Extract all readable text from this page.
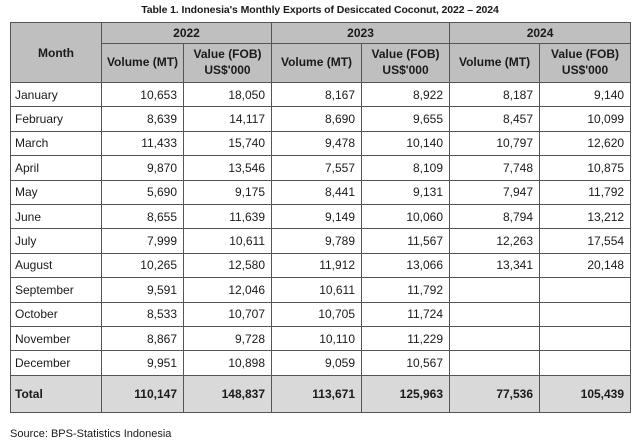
Table 1. Indonesia's Monthly Exports of Desiccated Coconut, 2022 – 2024
Month	2022		2023		2024	
	Volume (MT)	Value (FOB) US$'000	Volume (MT)	Value (FOB) US$'000	Volume (MT)	Value (FOB) US$'000
January	10,653	18,050	8,167	8,922	8,187	9,140
February	8,639	14,117	8,690	9,655	8,457	10,099
March	11,433	15,740	9,478	10,140	10,797	12,620
April	9,870	13,546	7,557	8,109	7,748	10,875
May	5,690	9,175	8,441	9,131	7,947	11,792
June	8,655	11,639	9,149	10,060	8,794	13,212
July	7,999	10,611	9,789	11,567	12,263	17,554
August	10,265	12,580	11,912	13,066	13,341	20,148
September	9,591	12,046	10,611	11,792		
October	8,533	10,707	10,705	11,724		
November	8,867	9,728	10,110	11,229		
December	9,951	10,898	9,059	10,567		
Total	110,147	148,837	113,671	125,963	77,536	105,439
Source: BPS-Statistics Indonesia
